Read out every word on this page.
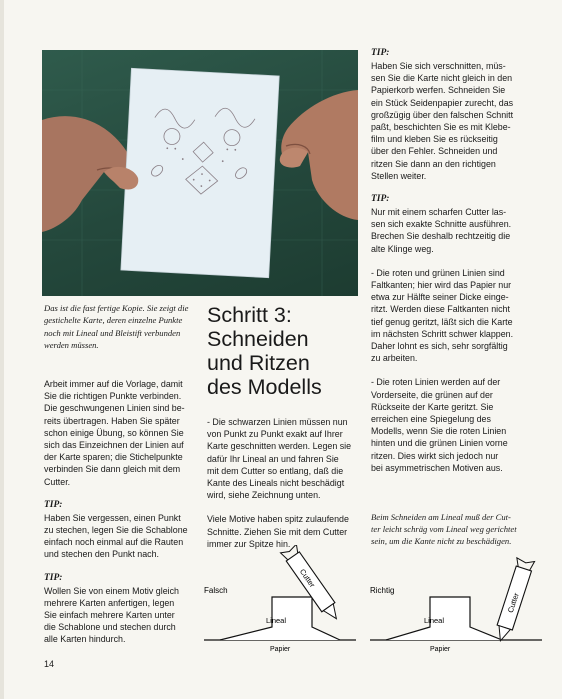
Das ist die fast fertige Kopie. Sie zeigt die
gestichelte Karte, deren einzelne Punkte
noch mit Lineal und Bleistift verbunden
werden müssen.
Schritt 3:
Schneiden
und Ritzen
des Modells

Arbeit immer auf die Vorlage, damit
Sie die richtigen Punkte verbinden.
Die geschwungenen Linien sind be-
reits übertragen. Haben Sie später
schon einige Übung, so können Sie
sich das Einzeichnen der Linien auf
der Karte sparen; die Stichelpunkte
verbinden Sie dann gleich mit dem
Cutter.

TIP:

Haben Sie vergessen, einen Punkt
zu stechen, legen Sie die Schablone
einfach noch einmal auf die Rauten
und stechen den Punkt nach.

TIP:

Wollen Sie von einem Motiv gleich
mehrere Karten anfertigen, legen
Sie einfach mehrere Karten unter
die Schablone und stechen durch
alle Karten hindurch.

- Die schwarzen Linien müssen nun
von Punkt zu Punkt exakt auf Ihrer
Karte geschnitten werden. Legen sie
dafür Ihr Lineal an und fahren Sie
mit dem Cutter so entlang, daß die
Kante des Lineals nicht beschädigt
wird, siehe Zeichnung unten.

Viele Motive haben spitz zulaufende
Schnitte. Ziehen Sie mit dem Cutter
immer zur Spitze hin.

TIP:

Haben Sie sich verschnitten, müs-
sen Sie die Karte nicht gleich in den
Papierkorb werfen. Schneiden Sie
ein Stück Seidenpapier zurecht, das
großzügig über den falschen Schnitt
paßt, beschichten Sie es mit Klebe-
film und kleben Sie es rückseitig
über den Fehler. Schneiden und
ritzen Sie dann an den richtigen
Stellen weiter.

TIP:

Nur mit einem scharfen Cutter las-
sen sich exakte Schnitte ausführen.
Brechen Sie deshalb rechtzeitig die
alte Klinge weg.

- Die roten und grünen Linien sind
Faltkanten; hier wird das Papier nur
etwa zur Hälfte seiner Dicke einge-
ritzt. Werden diese Faltkanten nicht
tief genug geritzt, läßt sich die Karte
im nächsten Schritt schwer klappen.
Daher lohnt es sich, sehr sorgfältig
zu arbeiten.

- Die roten Linien werden auf der
Vorderseite, die grünen auf der
Rückseite der Karte geritzt. Sie
erreichen eine Spiegelung des
Modells, wenn Sie die roten Linien
hinten und die grünen Linien vorne
ritzen. Dies wirkt sich jedoch nur
bei asymmetrischen Motiven aus.

Beim Schneiden am Lineal muß der Cut-
ter leicht schräg vom Lineal weg gerichtet
sein, um die Kante nicht zu beschädigen.
Falsch
Lineal
Papier
Cutter
Richtig
Lineal
Papier
Cutter
14
